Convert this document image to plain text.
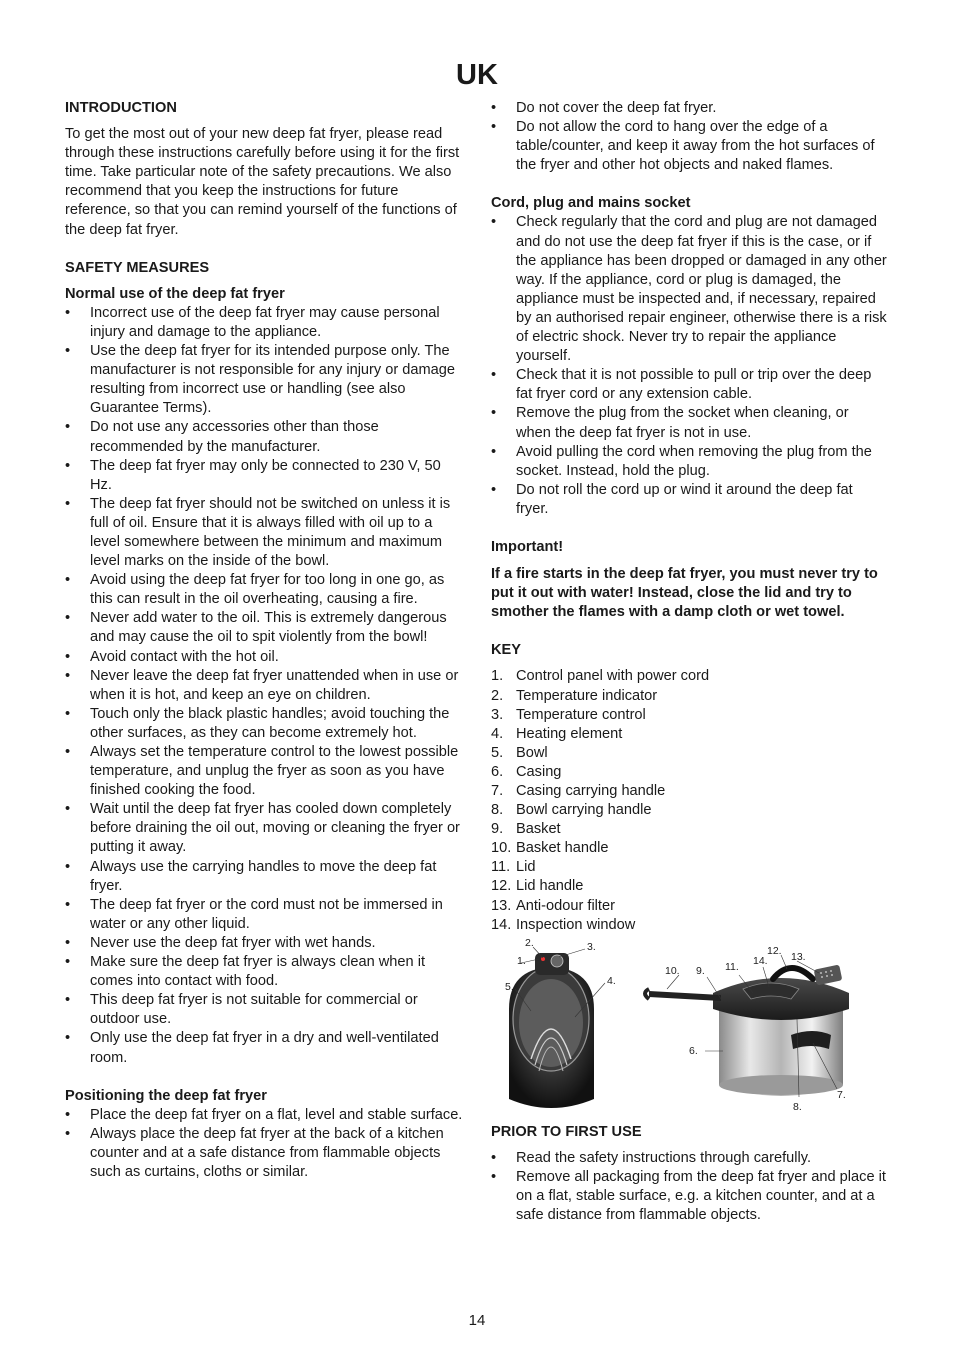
UK
INTRODUCTION

To get the most out of your new deep fat fryer, please read through these instructions carefully before using it for the first time. Take particular note of the safety precautions. We also recommend that you keep the instructions for future reference, so that you can remind yourself of the functions of the deep fat fryer.

SAFETY MEASURES
Normal use of the deep fat fryer
• Incorrect use of the deep fat fryer may cause personal injury and damage to the appliance.
• Use the deep fat fryer for its intended purpose only. The manufacturer is not responsible for any injury or damage resulting from incorrect use or handling (see also Guarantee Terms).
• Do not use any accessories other than those recommended by the manufacturer.
• The deep fat fryer may only be connected to 230 V, 50 Hz.
• The deep fat fryer should not be switched on unless it is full of oil. Ensure that it is always filled with oil up to a level somewhere between the minimum and maximum level marks on the inside of the bowl.
• Avoid using the deep fat fryer for too long in one go, as this can result in the oil overheating, causing a fire.
• Never add water to the oil. This is extremely dangerous and may cause the oil to spit violently from the bowl!
• Avoid contact with the hot oil.
• Never leave the deep fat fryer unattended when in use or when it is hot, and keep an eye on children.
• Touch only the black plastic handles; avoid touching the other surfaces, as they can become extremely hot.
• Always set the temperature control to the lowest possible temperature, and unplug the fryer as soon as you have finished cooking the food.
• Wait until the deep fat fryer has cooled down completely before draining the oil out, moving or cleaning the fryer or putting it away.
• Always use the carrying handles to move the deep fat fryer.
• The deep fat fryer or the cord must not be immersed in water or any other liquid.
• Never use the deep fat fryer with wet hands.
• Make sure the deep fat fryer is always clean when it comes into contact with food.
• This deep fat fryer is not suitable for commercial or outdoor use.
• Only use the deep fat fryer in a dry and well-ventilated room.
Positioning the deep fat fryer
• Place the deep fat fryer on a flat, level and stable surface.
• Always place the deep fat fryer at the back of a kitchen counter and at a safe distance from flammable objects such as curtains, cloths or similar.
• Do not cover the deep fat fryer.
• Do not allow the cord to hang over the edge of a table/counter, and keep it away from the hot surfaces of the fryer and other hot objects and naked flames.
Cord, plug and mains socket
• Check regularly that the cord and plug are not damaged and do not use the deep fat fryer if this is the case, or if the appliance has been dropped or damaged in any other way. If the appliance, cord or plug is damaged, the appliance must be inspected and, if necessary, repaired by an authorised repair engineer, otherwise there is a risk of electric shock. Never try to repair the appliance yourself.
• Check that it is not possible to pull or trip over the deep fat fryer cord or any extension cable.
• Remove the plug from the socket when cleaning, or when the deep fat fryer is not in use.
• Avoid pulling the cord when removing the plug from the socket. Instead, hold the plug.
• Do not roll the cord up or wind it around the deep fat fryer.
Important!

If a fire starts in the deep fat fryer, you must never try to put it out with water! Instead, close the lid and try to smother the flames with a damp cloth or wet towel.

KEY
1. Control panel with power cord
2. Temperature indicator
3. Temperature control
4. Heating element
5. Bowl
6. Casing
7. Casing carrying handle
8. Bowl carrying handle
9. Basket
10. Basket handle
11. Lid
12. Lid handle
13. Anti-odour filter
14. Inspection window
1.
2.	3.
4.
5.
6.
7.
8.
9.
10.	11.
12. 13.
14.
PRIOR TO FIRST USE
• Read the safety instructions through carefully.
• Remove all packaging from the deep fat fryer and place it on a flat, stable surface, e.g. a kitchen counter, and at a safe distance from flammable objects.
14
